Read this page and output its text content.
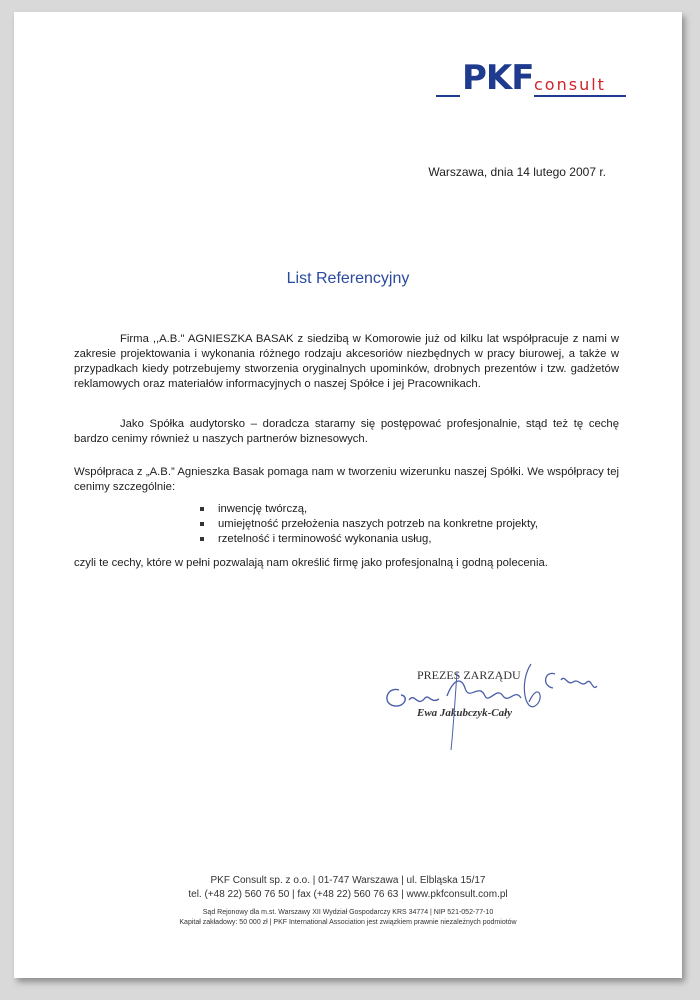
PKF consult
Warszawa, dnia 14 lutego 2007 r.
List Referencyjny
Firma ,,A.B." AGNIESZKA BASAK z siedzibą w Komorowie już od kilku lat współpracuje z nami w zakresie projektowania i wykonania różnego rodzaju akcesoriów niezbędnych w pracy biurowej, a także w przypadkach kiedy potrzebujemy stworzenia oryginalnych upominków, drobnych prezentów i tzw. gadżetów reklamowych oraz materiałów informacyjnych o naszej Spółce i jej Pracownikach.
Jako Spółka audytorsko – doradcza staramy się postępować profesjonalnie, stąd też tę cechę bardzo cenimy również u naszych partnerów biznesowych.
Współpraca z „A.B.” Agnieszka Basak pomaga nam w tworzeniu wizerunku naszej Spółki. We współpracy tej cenimy szczególnie:
inwencję twórczą,
umiejętność przełożenia naszych potrzeb na konkretne projekty,
rzetelność i terminowość wykonania usług,
czyli te cechy, które w pełni pozwalają nam określić firmę jako profesjonalną i godną polecenia.
PREZES ZARZĄDU
Ewa Jakubczyk-Cały
PKF Consult sp. z o.o. | 01-747 Warszawa | ul. Elbląska 15/17
tel. (+48 22) 560 76 50 | fax (+48 22) 560 76 63 | www.pkfconsult.com.pl
Sąd Rejonowy dla m.st. Warszawy XII Wydział Gospodarczy KRS 34774 | NIP 521-052-77-10
Kapitał zakładowy: 50 000 zł | PKF International Association jest związkiem prawnie niezależnych podmiotów
